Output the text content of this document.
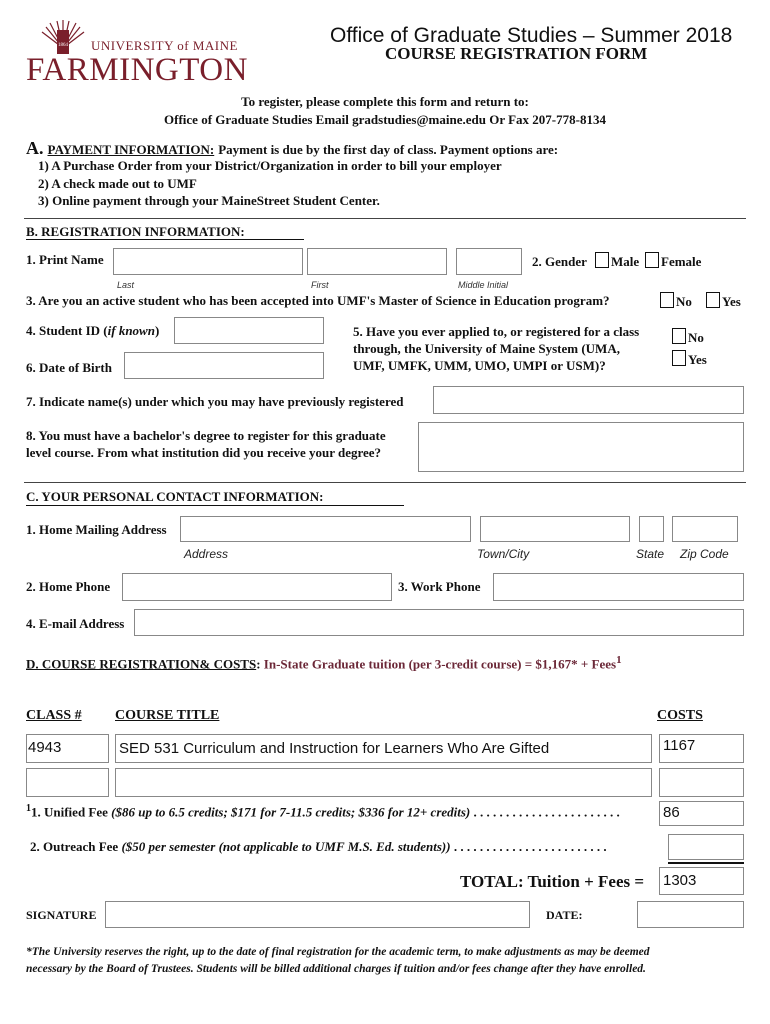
1864 UNIVERSITY of MAINE
FARMINGTON
Office of Graduate Studies – Summer 2018
COURSE REGISTRATION FORM
To register, please complete this form and return to:
Office of Graduate Studies Email gradstudies@maine.edu Or Fax 207-778-8134
A. PAYMENT INFORMATION: Payment is due by the first day of class. Payment options are:
1) A Purchase Order from your District/Organization in order to bill your employer
2) A check made out to UMF
3) Online payment through your MaineStreet Student Center.
B. REGISTRATION INFORMATION:
1. Print Name
Last	First	Middle Initial
2. Gender Male Female
3. Are you an active student who has been accepted into UMF's Master of Science in Education program?	No Yes
4. Student ID (if known)	5. Have you ever applied to, or registered for a class
through, the University of Maine System (UMA,
UMF, UMFK, UMM, UMO, UMPI or USM)?
No
Yes
6. Date of Birth
7. Indicate name(s) under which you may have previously registered
8. You must have a bachelor's degree to register for this graduate
level course. From what institution did you receive your degree?
C. YOUR PERSONAL CONTACT INFORMATION:
1. Home Mailing Address
Address	Town/City	State Zip Code
2. Home Phone	3. Work Phone
4. E-mail Address
D. COURSE REGISTRATION& COSTS: In-State Graduate tuition (per 3-credit course) = $1,167* + Fees$^1$
CLASS # COURSE TITLE	COSTS
4943	SED 531 Curriculum and Instruction for Learners Who Are Gifted	1167
$^1$1. Unified Fee ($86 up to 6.5 credits; $171 for 7-11.5 credits; $336 for 12+ credits) . . . . . . . . . . . . . . . . . . . . . . .	86
2. Outreach Fee ($50 per semester (not applicable to UMF M.S. Ed. students)) . . . . . . . . . . . . . . . . . . . . . . . .
TOTAL: Tuition + Fees = 1303
SIGNATURE	DATE:
*The University reserves the right, up to the date of final registration for the academic term, to make adjustments as may be deemed
necessary by the Board of Trustees. Students will be billed additional charges if tuition and/or fees change after they have enrolled.
